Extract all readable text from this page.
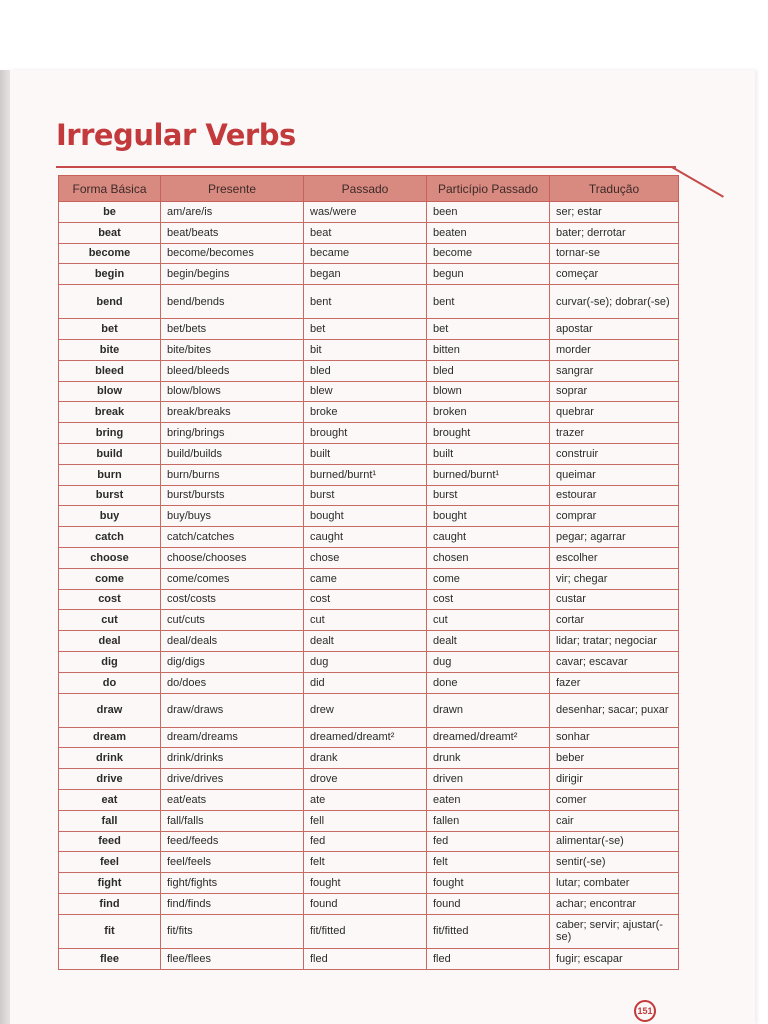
Irregular Verbs
Forma Básica	Presente	Passado	Particípio Passado	Tradução
be	am/are/is	was/were	been	ser; estar
beat	beat/beats	beat	beaten	bater; derrotar
become	become/becomes	became	become	tornar-se
begin	begin/begins	began	begun	começar
bend	bend/bends	bent	bent	curvar(-se); dobrar(-se)
bet	bet/bets	bet	bet	apostar
bite	bite/bites	bit	bitten	morder
bleed	bleed/bleeds	bled	bled	sangrar
blow	blow/blows	blew	blown	soprar
break	break/breaks	broke	broken	quebrar
bring	bring/brings	brought	brought	trazer
build	build/builds	built	built	construir
burn	burn/burns	burned/burnt¹	burned/burnt¹	queimar
burst	burst/bursts	burst	burst	estourar
buy	buy/buys	bought	bought	comprar
catch	catch/catches	caught	caught	pegar; agarrar
choose	choose/chooses	chose	chosen	escolher
come	come/comes	came	come	vir; chegar
cost	cost/costs	cost	cost	custar
cut	cut/cuts	cut	cut	cortar
deal	deal/deals	dealt	dealt	lidar; tratar; negociar
dig	dig/digs	dug	dug	cavar; escavar
do	do/does	did	done	fazer
draw	draw/draws	drew	drawn	desenhar; sacar; puxar
dream	dream/dreams	dreamed/dreamt²	dreamed/dreamt²	sonhar
drink	drink/drinks	drank	drunk	beber
drive	drive/drives	drove	driven	dirigir
eat	eat/eats	ate	eaten	comer
fall	fall/falls	fell	fallen	cair
feed	feed/feeds	fed	fed	alimentar(-se)
feel	feel/feels	felt	felt	sentir(-se)
fight	fight/fights	fought	fought	lutar; combater
find	find/finds	found	found	achar; encontrar
fit	fit/fits	fit/fitted	fit/fitted	caber; servir; ajustar(-se)
flee	flee/flees	fled	fled	fugir; escapar
151
